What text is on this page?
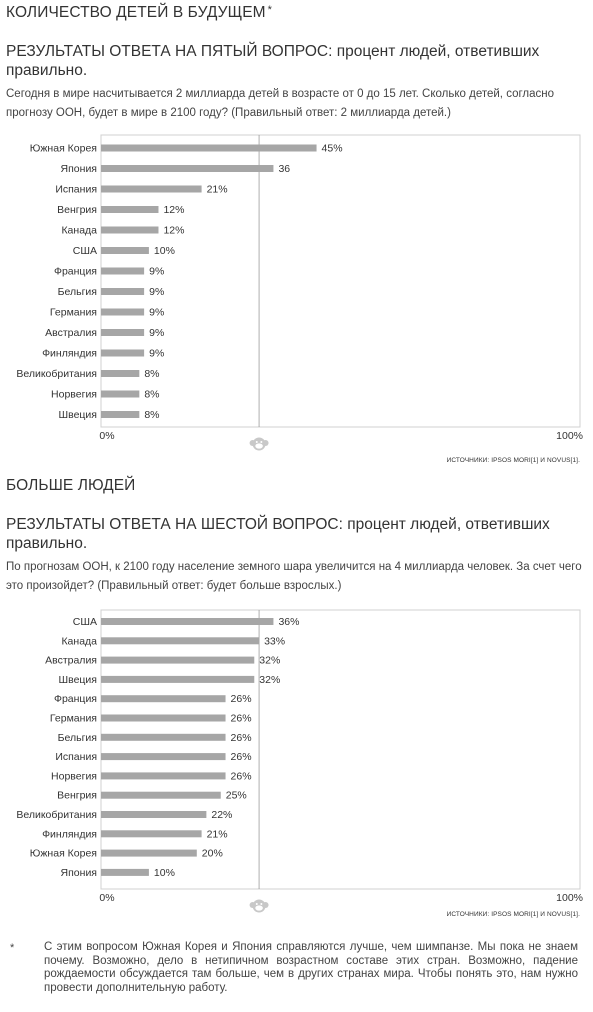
КОЛИЧЕСТВО ДЕТЕЙ В БУДУЩЕМ *
РЕЗУЛЬТАТЫ ОТВЕТА НА ПЯТЫЙ ВОПРОС: процент людей, ответивших правильно.
Сегодня в мире насчитывается 2 миллиарда детей в возрасте от 0 до 15 лет. Сколько детей, согласно прогнозу ООН, будет в мире в 2100 году? (Правильный ответ: 2 миллиарда детей.)
Южная Корея	45%
Япония	36
Испания	21%
Венгрия	12%
Канада	12%
США	10%
Франция	9%
Бельгия	9%
Германия	9%
Австралия	9%
Финляндия	9%
Великобритания	8%
Норвегия	8%
Швеция	8%
0%	100%
ИСТОЧНИКИ: IPSOS MORI[1] И NOVUS[1].
БОЛЬШЕ ЛЮДЕЙ
РЕЗУЛЬТАТЫ ОТВЕТА НА ШЕСТОЙ ВОПРОС: процент людей, ответивших правильно.
По прогнозам ООН, к 2100 году население земного шара увеличится на 4 миллиарда человек. За счет чего это произойдет? (Правильный ответ: будет больше взрослых.)
США	36%
Канада	33%
Австралия	32%
Швеция	32%
Франция	26%
Германия	26%
Бельгия	26%
Испания	26%
Норвегия	26%
Венгрия	25%
Великобритания	22%
Финляндия	21%
Южная Корея	20%
Япония	10%
0%	100%
ИСТОЧНИКИ: IPSOS MORI[1] И NOVUS[1].
*	С этим вопросом Южная Корея и Япония справляются лучше, чем шимпанзе. Мы пока не знаем почему. Возможно, дело в нетипичном возрастном составе этих стран. Возможно, падение рождаемости обсуждается там больше, чем в других странах мира. Чтобы понять это, нам нужно провести дополнительную работу.
